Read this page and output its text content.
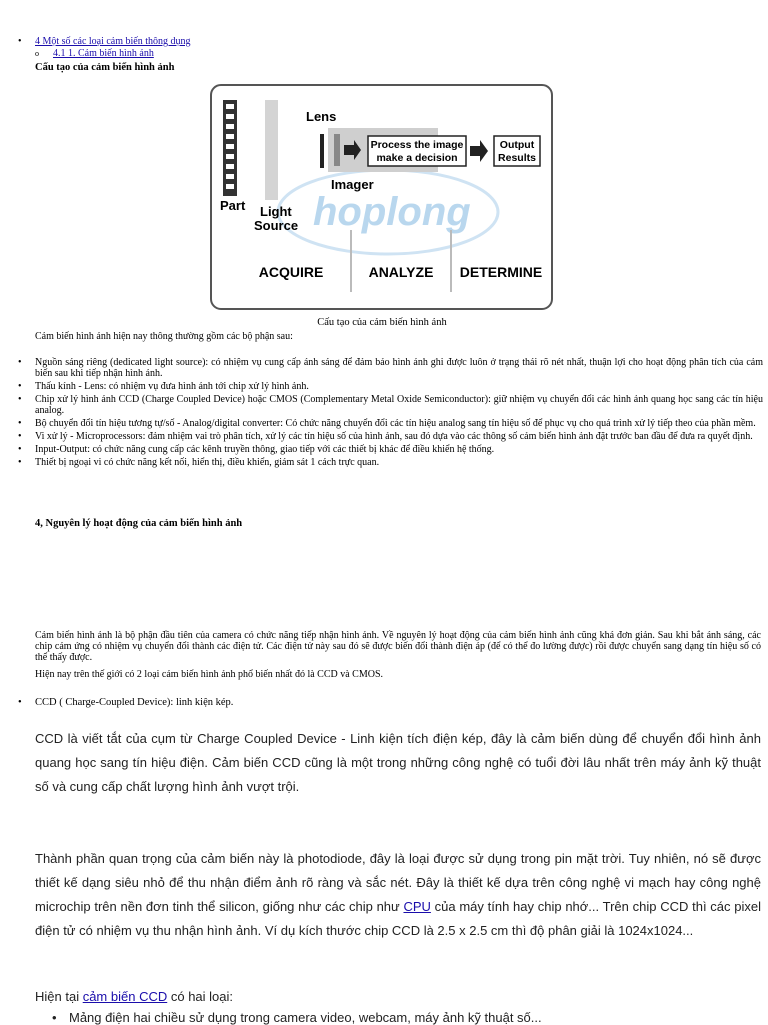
• 4 Một số các loại cảm biến thông dụng
o 4.1 1. Cảm biến hình ảnh
Cấu tạo của cảm biến hình ảnh
hoplong
Part Light
Source
Lens
Imager
Process the image
make a decision
Output
Results
ACQUIRE	ANALYZE DETERMINE
Cấu tạo của cảm biến hình ảnh
Cảm biến hình ảnh hiện nay thông thường gồm các bộ phận sau:
• Nguồn sáng riêng (dedicated light source): có nhiệm vụ cung cấp ánh sáng để đảm bảo hình ảnh ghi được luôn ở trạng thái rõ nét nhất, thuận lợi cho hoạt động phân tích của cảm biến sau khi tiếp nhận hình ảnh.
• Thấu kính - Lens: có nhiệm vụ đưa hình ảnh tới chip xử lý hình ảnh.
• Chip xử lý hình ảnh CCD (Charge Coupled Device) hoặc CMOS (Complementary Metal Oxide Semiconductor): giữ nhiệm vụ chuyển đổi các hình ảnh quang học sang các tín hiệu analog.
• Bộ chuyển đổi tín hiệu tương tự/số - Analog/digital converter: Có chức năng chuyển đổi các tín hiệu analog sang tín hiệu số để phục vụ cho quá trình xử lý tiếp theo của phần mềm.
• Vi xử lý - Microprocessors: đảm nhiệm vai trò phân tích, xử lý các tín hiệu số của hình ảnh, sau đó dựa vào các thông số cảm biến hình ảnh đặt trước ban đầu để đưa ra quyết định.
• Input-Output: có chức năng cung cấp các kênh truyền thông, giao tiếp với các thiết bị khác để điều khiển hệ thống.
• Thiết bị ngoại vi có chức năng kết nối, hiển thị, điều khiển, giám sát 1 cách trực quan.
4, Nguyên lý hoạt động của cảm biến hình ảnh
Cảm biến hình ảnh là bộ phận đầu tiên của camera có chức năng tiếp nhận hình ảnh. Về nguyên lý hoạt động của cảm biến hình ảnh cũng khá đơn giản. Sau khi bắt ánh sáng, các chip cảm ứng có nhiệm vụ chuyển đổi thành các điện tử. Các điện tử này sau đó sẽ được biến đổi thành điện áp (để có thể đo lường được) rồi được chuyển sang dạng tín hiệu số có thể thấy được.
Hiện nay trên thế giới có 2 loại cảm biến hình ảnh phổ biến nhất đó là CCD và CMOS.
• CCD ( Charge-Coupled Device): linh kiện kép.
CCD là viết tắt của cụm từ Charge Coupled Device - Linh kiện tích điện kép, đây là cảm biến dùng để chuyển đổi hình ảnh quang học sang tín hiệu điện. Cảm biến CCD cũng là một trong những công nghệ có tuổi đời lâu nhất trên máy ảnh kỹ thuật số và cung cấp chất lượng hình ảnh vượt trội.
Thành phần quan trọng của cảm biến này là photodiode, đây là loại được sử dụng trong pin mặt trời. Tuy nhiên, nó sẽ được thiết kế dạng siêu nhỏ để thu nhận điểm ảnh rõ ràng và sắc nét. Đây là thiết kế dựa trên công nghệ vi mạch hay công nghệ microchip trên nền đơn tinh thể silicon, giống như các chip như CPU của máy tính hay chip nhớ... Trên chip CCD thì các pixel điện tử có nhiệm vụ thu nhận hình ảnh. Ví dụ kích thước chip CCD là 2.5 x 2.5 cm thì độ phân giải là 1024x1024...
Hiện tại cảm biến CCD có hai loại:
• Mảng điện hai chiều sử dụng trong camera video, webcam, máy ảnh kỹ thuật số...
